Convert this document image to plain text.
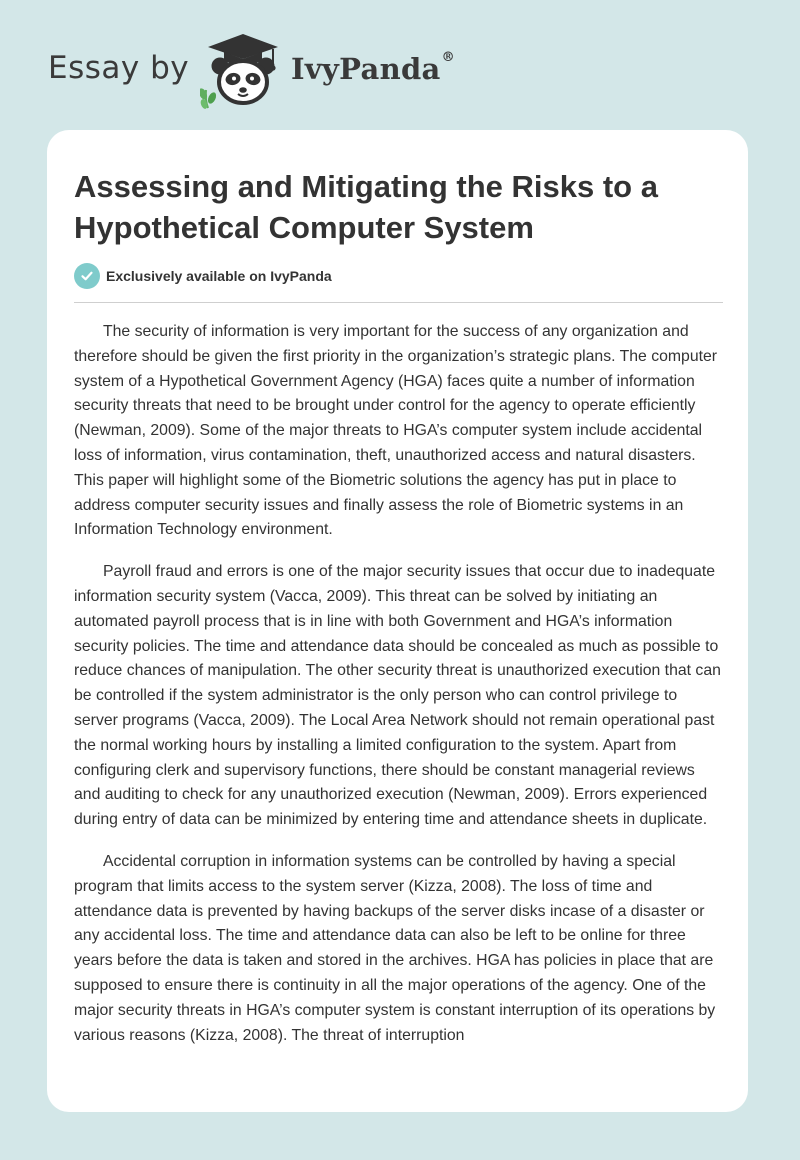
Essay by	IvyPanda®
Assessing and Mitigating the Risks to a Hypothetical Computer System
Exclusively available on IvyPanda

The security of information is very important for the success of any organization and therefore should be given the first priority in the organization’s strategic plans. The computer system of a Hypothetical Government Agency (HGA) faces quite a number of information security threats that need to be brought under control for the agency to operate efficiently (Newman, 2009). Some of the major threats to HGA’s computer system include accidental loss of information, virus contamination, theft, unauthorized access and natural disasters. This paper will highlight some of the Biometric solutions the agency has put in place to address computer security issues and finally assess the role of Biometric systems in an Information Technology environment.

Payroll fraud and errors is one of the major security issues that occur due to inadequate information security system (Vacca, 2009). This threat can be solved by initiating an automated payroll process that is in line with both Government and HGA’s information security policies. The time and attendance data should be concealed as much as possible to reduce chances of manipulation. The other security threat is unauthorized execution that can be controlled if the system administrator is the only person who can control privilege to server programs (Vacca, 2009). The Local Area Network should not remain operational past the normal working hours by installing a limited configuration to the system. Apart from configuring clerk and supervisory functions, there should be constant managerial reviews and auditing to check for any unauthorized execution (Newman, 2009). Errors experienced during entry of data can be minimized by entering time and attendance sheets in duplicate.

Accidental corruption in information systems can be controlled by having a special program that limits access to the system server (Kizza, 2008). The loss of time and attendance data is prevented by having backups of the server disks incase of a disaster or any accidental loss. The time and attendance data can also be left to be online for three years before the data is taken and stored in the archives. HGA has policies in place that are supposed to ensure there is continuity in all the major operations of the agency. One of the major security threats in HGA’s computer system is constant interruption of its operations by various reasons (Kizza, 2008). The threat of interruption
